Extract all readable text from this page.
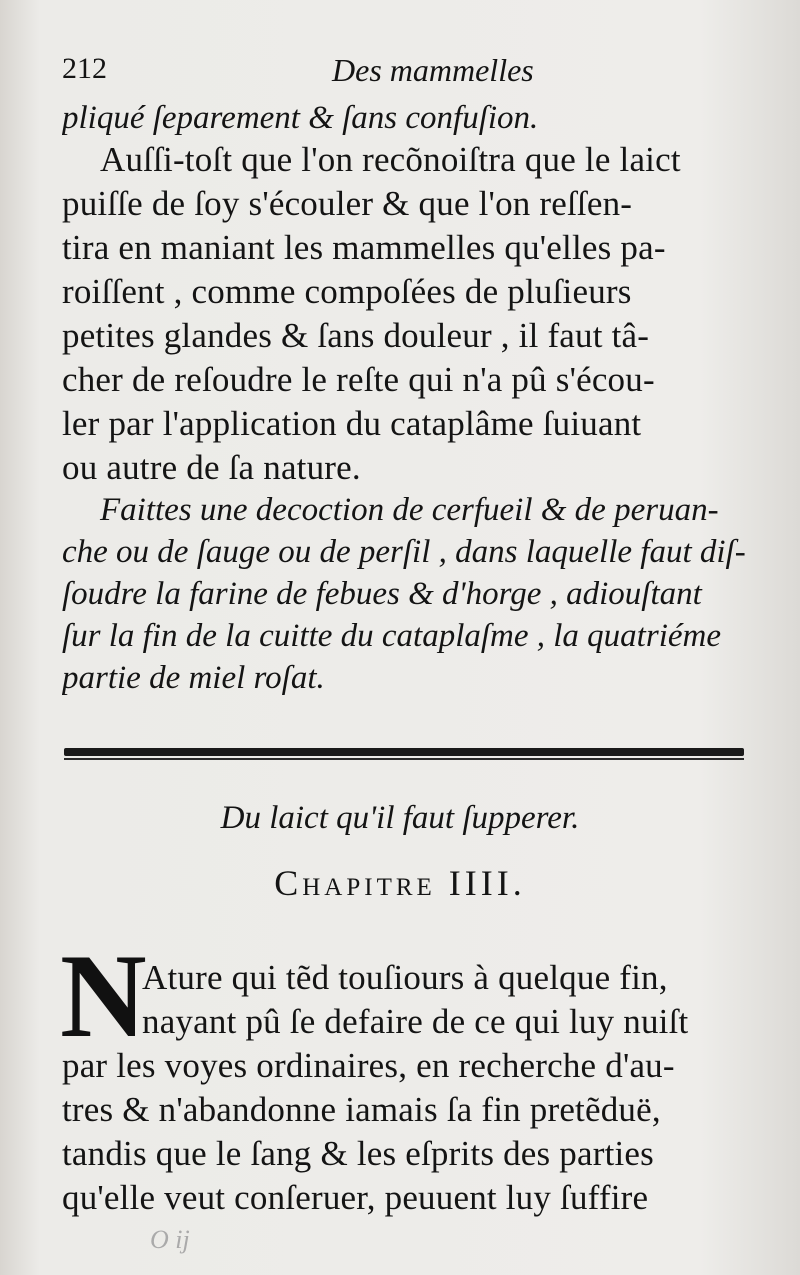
212	Des mammelles
pliqué ſeparement & ſans confuſion.
Auſſi-toſt que l'on recõnoiſtra que le laict
puiſſe de ſoy s'écouler & que l'on reſſen-
tira en maniant les mammelles qu'elles pa-
roiſſent , comme compoſées de pluſieurs
petites glandes & ſans douleur , il faut tâ-
cher de reſoudre le reſte qui n'a pû s'écou-
ler par l'application du cataplâme ſuiuant
ou autre de ſa nature.
Faittes une decoction de cerfueil & de peruan-
che ou de ſauge ou de perſil , dans laquelle faut diſ-
ſoudre la farine de febues & d'horge , adiouſtant
ſur la fin de la cuitte du cataplaſme , la quatriéme
partie de miel roſat.
Du laict qu'il faut ſupperer.
Chapitre IIII.
N
Ature qui tẽd touſiours à quelque fin,
nayant pû ſe defaire de ce qui luy nuiſt
par les voyes ordinaires, en recherche d'au-
tres & n'abandonne iamais ſa fin pretẽduë,
tandis que le ſang & les eſprits des parties
qu'elle veut conſeruer, peuuent luy ſuffire
O ij
